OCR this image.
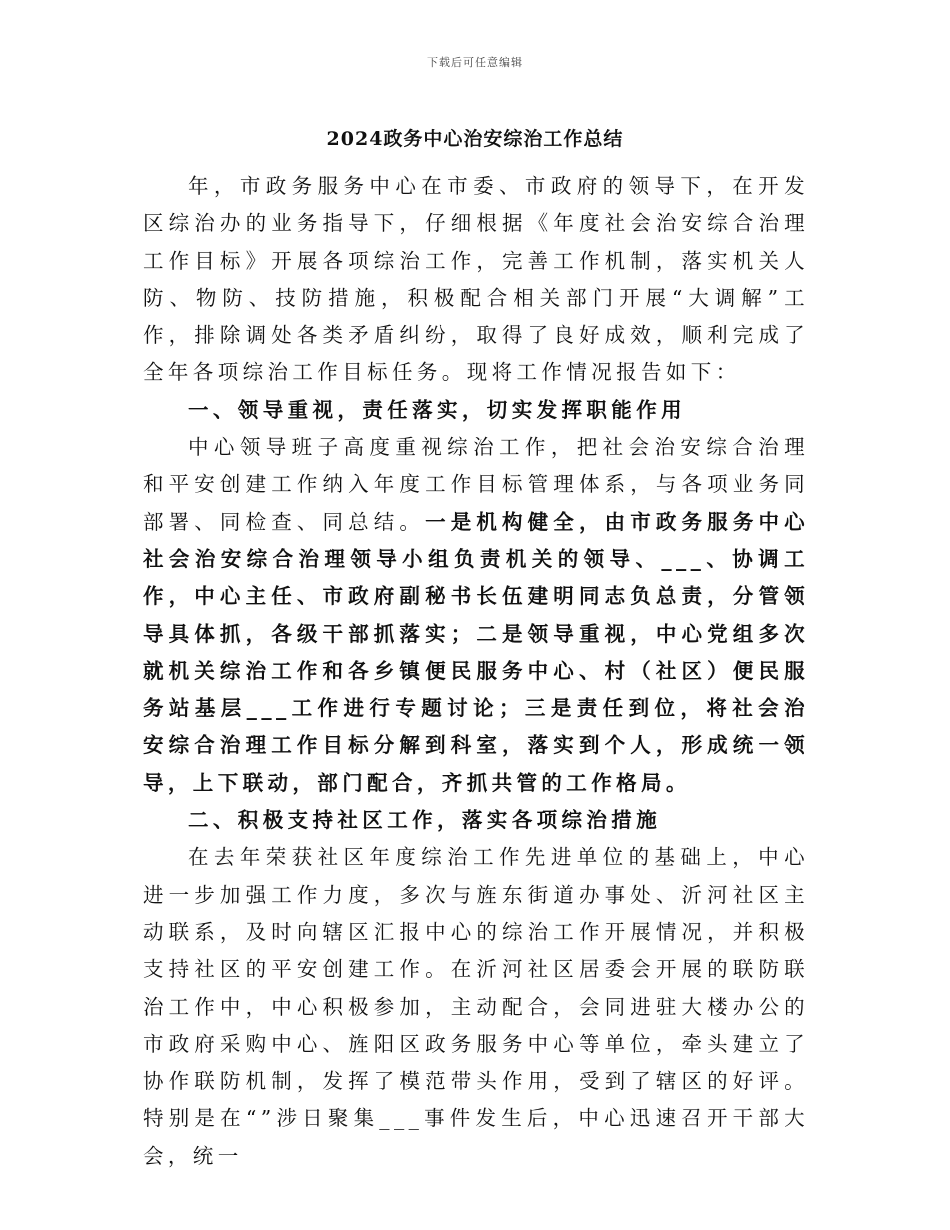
下载后可任意编辑
2024政务中心治安综治工作总结

年，市政务服务中心在市委、市政府的领导下，在开发区综治办的业务指导下，仔细根据《年度社会治安综合治理工作目标》开展各项综治工作，完善工作机制，落实机关人防、物防、技防措施，积极配合相关部门开展“大调解”工作，排除调处各类矛盾纠纷，取得了良好成效，顺利完成了全年各项综治工作目标任务。现将工作情况报告如下：

一、领导重视，责任落实，切实发挥职能作用

中心领导班子高度重视综治工作，把社会治安综合治理和平安创建工作纳入年度工作目标管理体系，与各项业务同部署、同检查、同总结。一是机构健全，由市政务服务中心社会治安综合治理领导小组负责机关的领导、___、协调工作，中心主任、市政府副秘书长伍建明同志负总责，分管领导具体抓，各级干部抓落实；二是领导重视，中心党组多次就机关综治工作和各乡镇便民服务中心、村（社区）便民服务站基层___工作进行专题讨论；三是责任到位，将社会治安综合治理工作目标分解到科室，落实到个人，形成统一领导，上下联动，部门配合，齐抓共管的工作格局。

二、积极支持社区工作，落实各项综治措施

在去年荣获社区年度综治工作先进单位的基础上，中心进一步加强工作力度，多次与旌东街道办事处、沂河社区主动联系，及时向辖区汇报中心的综治工作开展情况，并积极支持社区的平安创建工作。在沂河社区居委会开展的联防联治工作中，中心积极参加，主动配合，会同进驻大楼办公的市政府采购中心、旌阳区政务服务中心等单位，牵头建立了协作联防机制，发挥了模范带头作用，受到了辖区的好评。特别是在“”涉日聚集___事件发生后，中心迅速召开干部大会，统一
